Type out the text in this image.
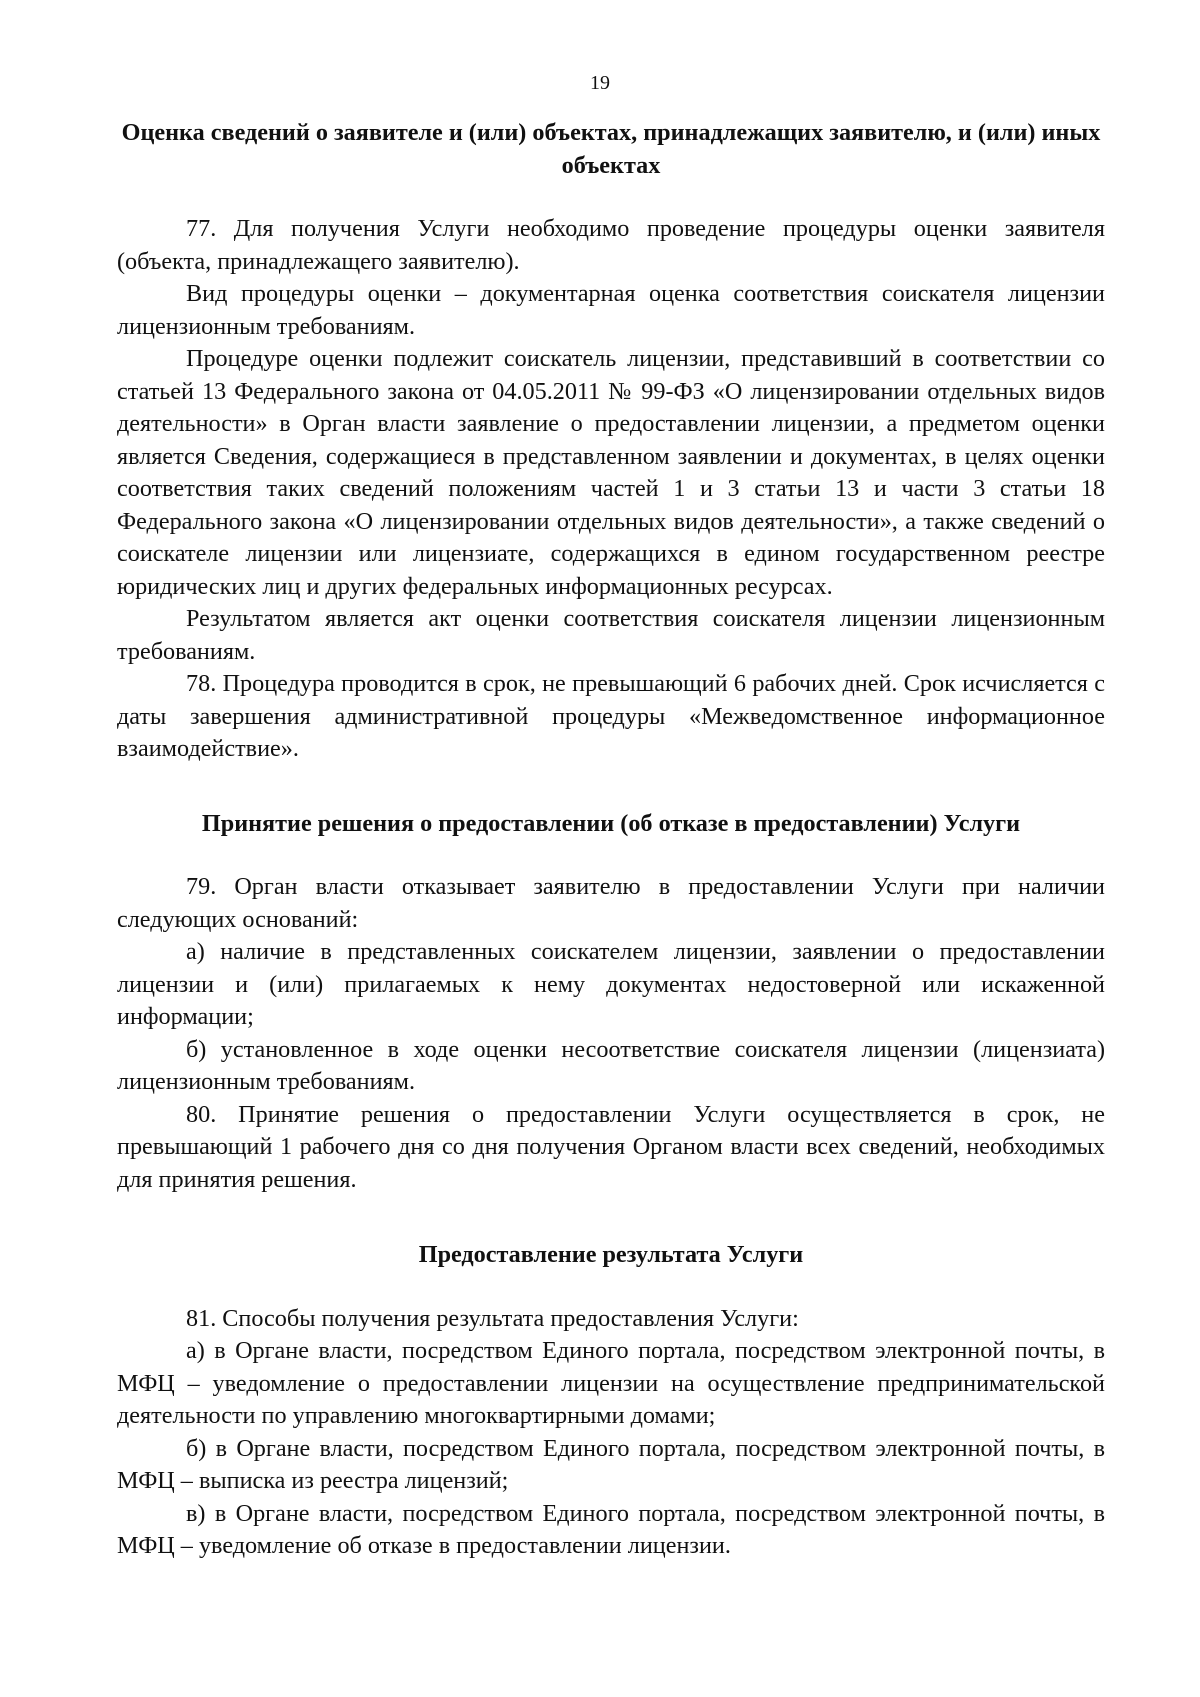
19
Оценка сведений о заявителе и (или) объектах, принадлежащих заявителю, и (или) иных объектах

77. Для получения Услуги необходимо проведение процедуры оценки заявителя (объекта, принадлежащего заявителю).

Вид процедуры оценки – документарная оценка соответствия соискателя лицензии лицензионным требованиям.

Процедуре оценки подлежит соискатель лицензии, представивший в соответствии со статьей 13 Федерального закона от 04.05.2011 № 99-ФЗ «О лицензировании отдельных видов деятельности» в Орган власти заявление о предоставлении лицензии, а предметом оценки является Сведения, содержащиеся в представленном заявлении и документах, в целях оценки соответствия таких сведений положениям частей 1 и 3 статьи 13 и части 3 статьи 18 Федерального закона «О лицензировании отдельных видов деятельности», а также сведений о соискателе лицензии или лицензиате, содержащихся в едином государственном реестре юридических лиц и других федеральных информационных ресурсах.

Результатом является акт оценки соответствия соискателя лицензии лицензионным требованиям.

78. Процедура проводится в срок, не превышающий 6 рабочих дней. Срок исчисляется с даты завершения административной процедуры «Межведомственное информационное взаимодействие».

Принятие решения о предоставлении (об отказе в предоставлении) Услуги

79. Орган власти отказывает заявителю в предоставлении Услуги при наличии следующих оснований:

а) наличие в представленных соискателем лицензии, заявлении о предоставлении лицензии и (или) прилагаемых к нему документах недостоверной или искаженной информации;

б) установленное в ходе оценки несоответствие соискателя лицензии (лицензиата) лицензионным требованиям.

80. Принятие решения о предоставлении Услуги осуществляется в срок, не превышающий 1 рабочего дня со дня получения Органом власти всех сведений, необходимых для принятия решения.

Предоставление результата Услуги

81. Способы получения результата предоставления Услуги:

а) в Органе власти, посредством Единого портала, посредством электронной почты, в МФЦ – уведомление о предоставлении лицензии на осуществление предпринимательской деятельности по управлению многоквартирными домами;

б) в Органе власти, посредством Единого портала, посредством электронной почты, в МФЦ – выписка из реестра лицензий;

в) в Органе власти, посредством Единого портала, посредством электронной почты, в МФЦ – уведомление об отказе в предоставлении лицензии.
